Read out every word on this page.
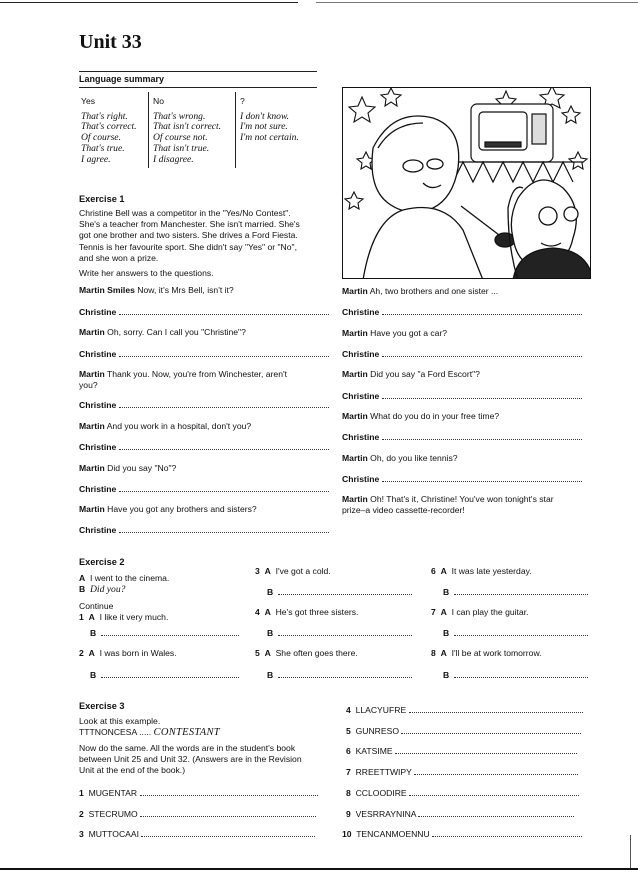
Unit 33
Language summary
Yes
That's right.
That's correct.
Of course.
That's true.
I agree.
No
That's wrong.
That isn't correct.
Of course not.
That isn't true.
I disagree.
?
I don't know.
I'm not sure.
I'm not certain.
Exercise 1
Christine Bell was a competitor in the "Yes/No Contest".
She's a teacher from Manchester. She isn't married. She's
got one brother and two sisters. She drives a Ford Fiesta.
Tennis is her favourite sport. She didn't say "Yes" or "No",
and she won a prize.
Write her answers to the questions.
Martin Smiles Now, it's Mrs Bell, isn't it?
Christine
Martin Oh, sorry. Can I call you "Christine"?
Christine
Martin Thank you. Now, you're from Winchester, aren't
you?
Christine
Martin And you work in a hospital, don't you?
Christine
Martin Did you say "No"?
Christine
Martin Have you got any brothers and sisters?
Christine
Martin Ah, two brothers and one sister ...
Christine
Martin Have you got a car?
Christine
Martin Did you say "a Ford Escort"?
Christine
Martin What do you do in your free time?
Christine
Martin Oh, do you like tennis?
Christine
Martin Oh! That's it, Christine! You've won tonight's star
prize–a video cassette-recorder!
Exercise 2
A I went to the cinema.
B Did you?
Continue
1 A I like it very much.
B
2 A I was born in Wales.
B
3 A I've got a cold.
B
4 A He's got three sisters.
B
5 A She often goes there.
B
6 A It was late yesterday.
B
7 A I can play the guitar.
B
8 A I'll be at work tomorrow.
B
Exercise 3
Look at this example.
TTTNONCESA ..... CONTESTANT
Now do the same. All the words are in the student's book
between Unit 25 and Unit 32. (Answers are in the Revision
Unit at the end of the book.)
1 MUGENTAR
2 STECRUMO
3 MUTTOCAAI
4 LLACYUFRE
5 GUNRESO
6 KATSIME
7 RREETTWIPY
8 CCLOODIRE
9 VESRRAYNINA
10 TENCANMOENNU
